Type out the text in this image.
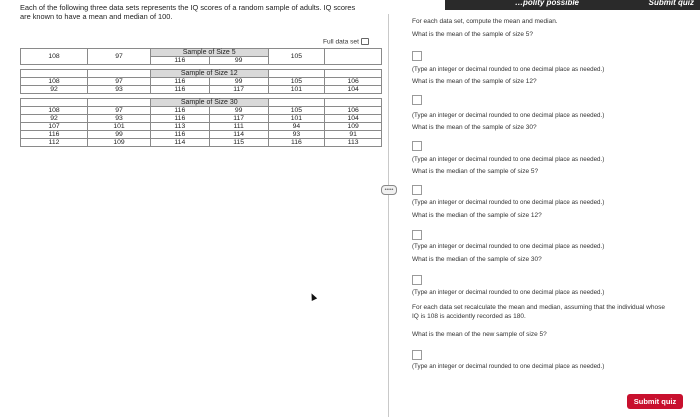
…polity possible	Submit quiz
Each of the following three data sets represents the IQ scores of a random sample of adults. IQ scores are known to have a mean and median of 100.
Full data set
108	97	Sample of Size 5		105	
		116	99		
		Sample of Size 12			
108	97	116	99	105	106
92	93	116	117	101	104
		Sample of Size 30			
108	97	116	99	105	106
92	93	116	117	101	104
107	101	113	111	94	109
116	99	116	114	93	91
112	109	114	115	116	113
•••••
For each data set, compute the mean and median.
What is the mean of the sample of size 5?
(Type an integer or decimal rounded to one decimal place as needed.)
What is the mean of the sample of size 12?
(Type an integer or decimal rounded to one decimal place as needed.)
What is the mean of the sample of size 30?
(Type an integer or decimal rounded to one decimal place as needed.)
What is the median of the sample of size 5?
(Type an integer or decimal rounded to one decimal place as needed.)
What is the median of the sample of size 12?
(Type an integer or decimal rounded to one decimal place as needed.)
What is the median of the sample of size 30?
(Type an integer or decimal rounded to one decimal place as needed.)
For each data set recalculate the mean and median, assuming that the individual whose
IQ is 108 is accidently recorded as 180.
What is the mean of the new sample of size 5?
(Type an integer or decimal rounded to one decimal place as needed.)
Submit quiz
